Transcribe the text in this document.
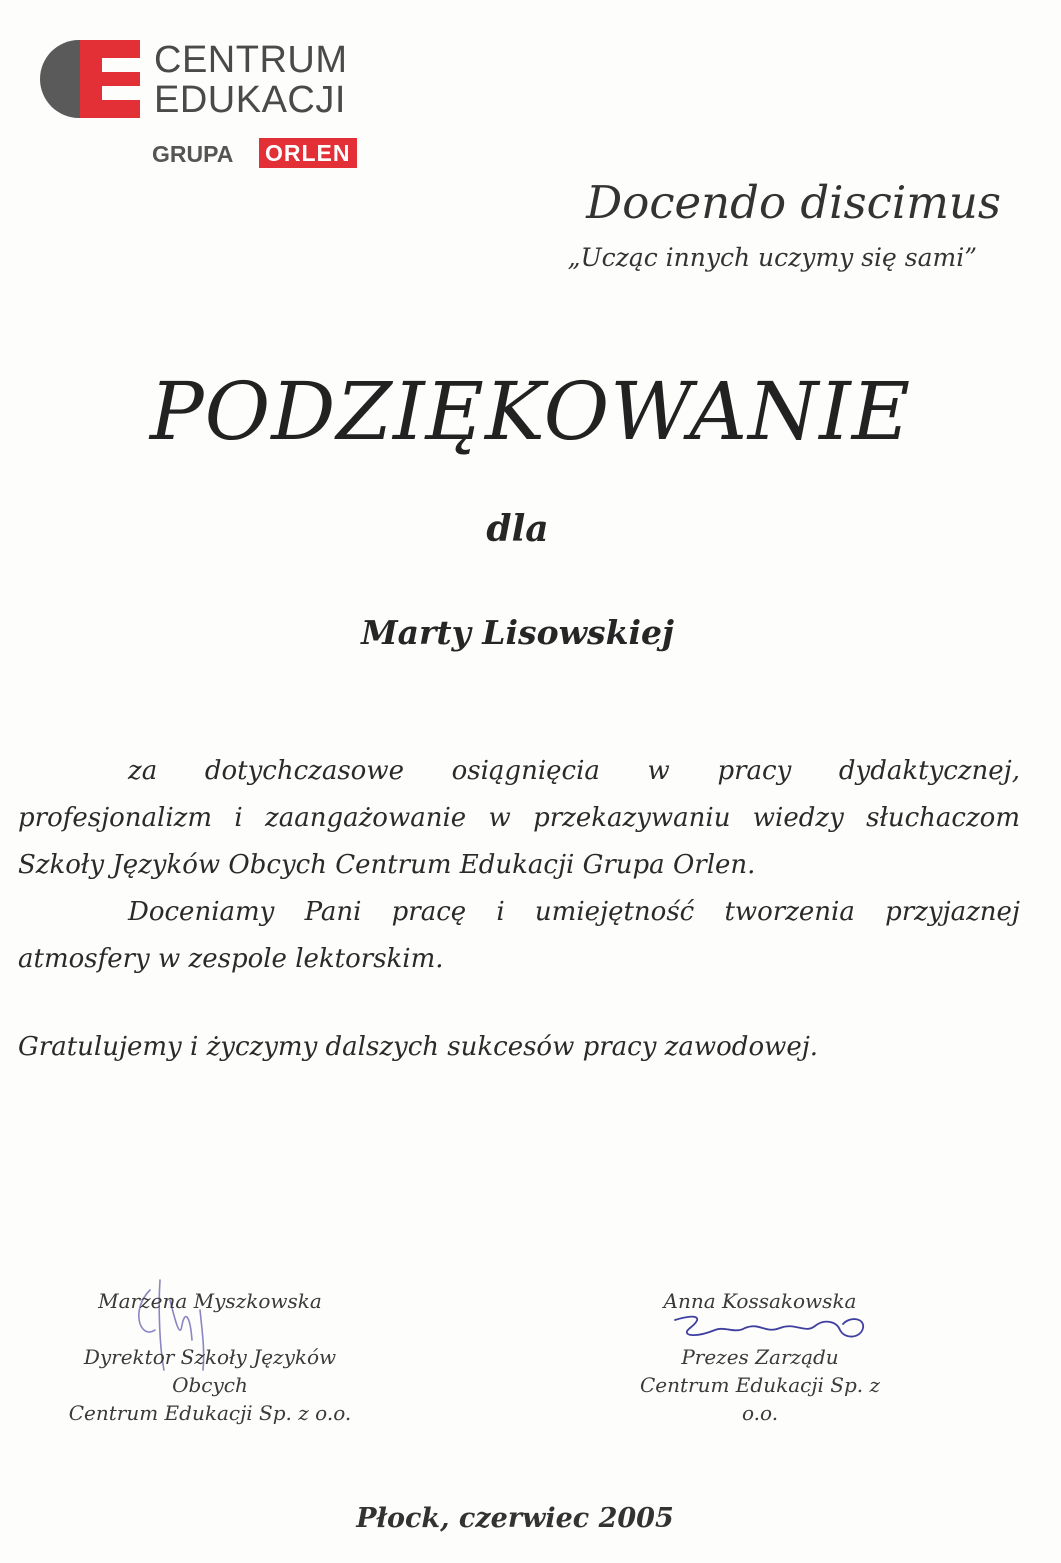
CENTRUM
EDUKACJI
GRUPA ORLEN
Docendo discimus
„Ucząc innych uczymy się sami”
PODZIĘKOWANIE
dla
Marty Lisowskiej

za dotychczasowe osiągnięcia w pracy dydaktycznej, profesjonalizm i zaangażowanie w przekazywaniu wiedzy słuchaczom Szkoły Języków Obcych Centrum Edukacji Grupa Orlen.

Doceniamy Pani pracę i umiejętność tworzenia przyjaznej atmosfery w zespole lektorskim.

Gratulujemy i życzymy dalszych sukcesów pracy zawodowej.
Marzena Myszkowska
Dyrektor Szkoły Języków Obcych
Centrum Edukacji Sp. z o.o.
Anna Kossakowska
Prezes Zarządu
Centrum Edukacji Sp. z o.o.
Płock, czerwiec 2005
